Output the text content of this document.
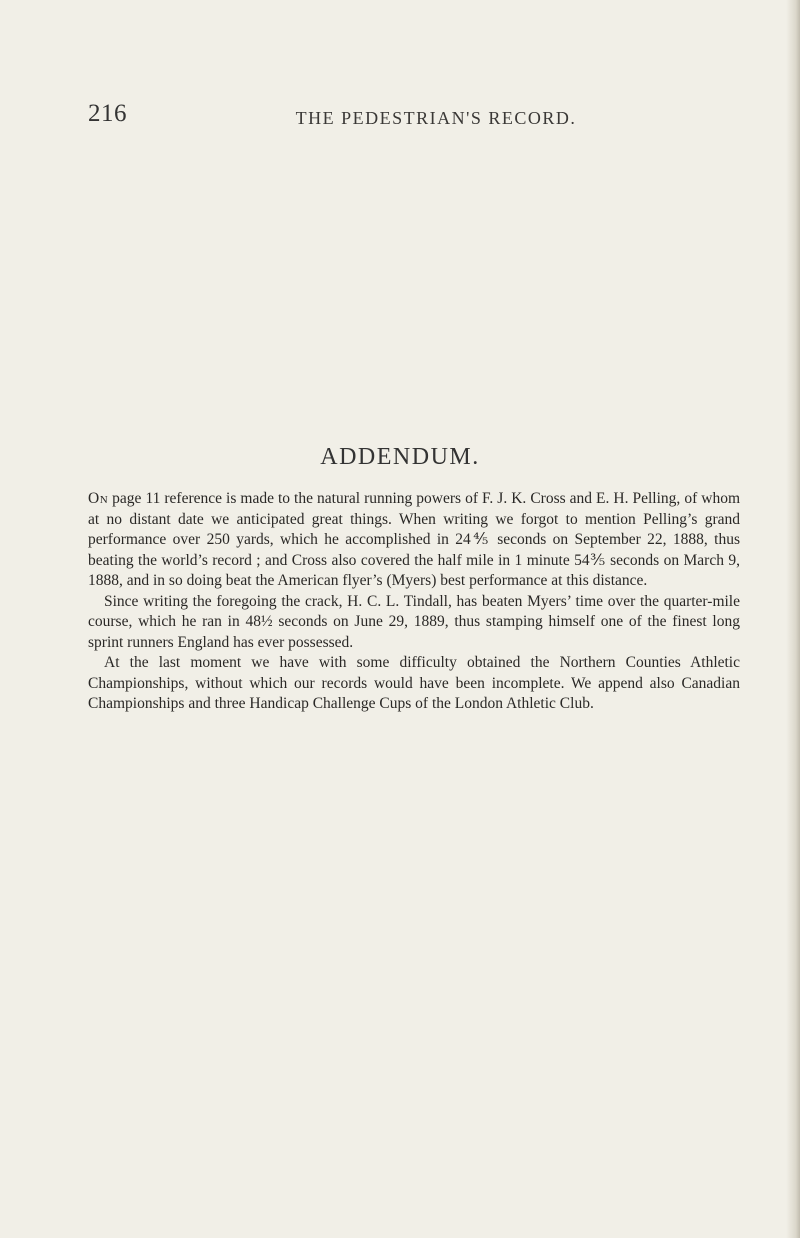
216	THE PEDESTRIAN'S RECORD.
ADDENDUM.

On page 11 reference is made to the natural running powers of F. J. K. Cross and E. H. Pelling, of whom at no distant date we anticipated great things. When writing we forgot to mention Pelling’s grand performance over 250 yards, which he accomplished in 24⅘ seconds on September 22, 1888, thus beating the world’s record ; and Cross also covered the half mile in 1 minute 54⅗ seconds on March 9, 1888, and in so doing beat the American flyer’s (Myers) best performance at this distance.

Since writing the foregoing the crack, H. C. L. Tindall, has beaten Myers’ time over the quarter-mile course, which he ran in 48½ seconds on June 29, 1889, thus stamping himself one of the finest long sprint runners England has ever possessed.

At the last moment we have with some difficulty obtained the Northern Counties Athletic Championships, without which our records would have been incomplete. We append also Canadian Championships and three Handicap Challenge Cups of the London Athletic Club.
